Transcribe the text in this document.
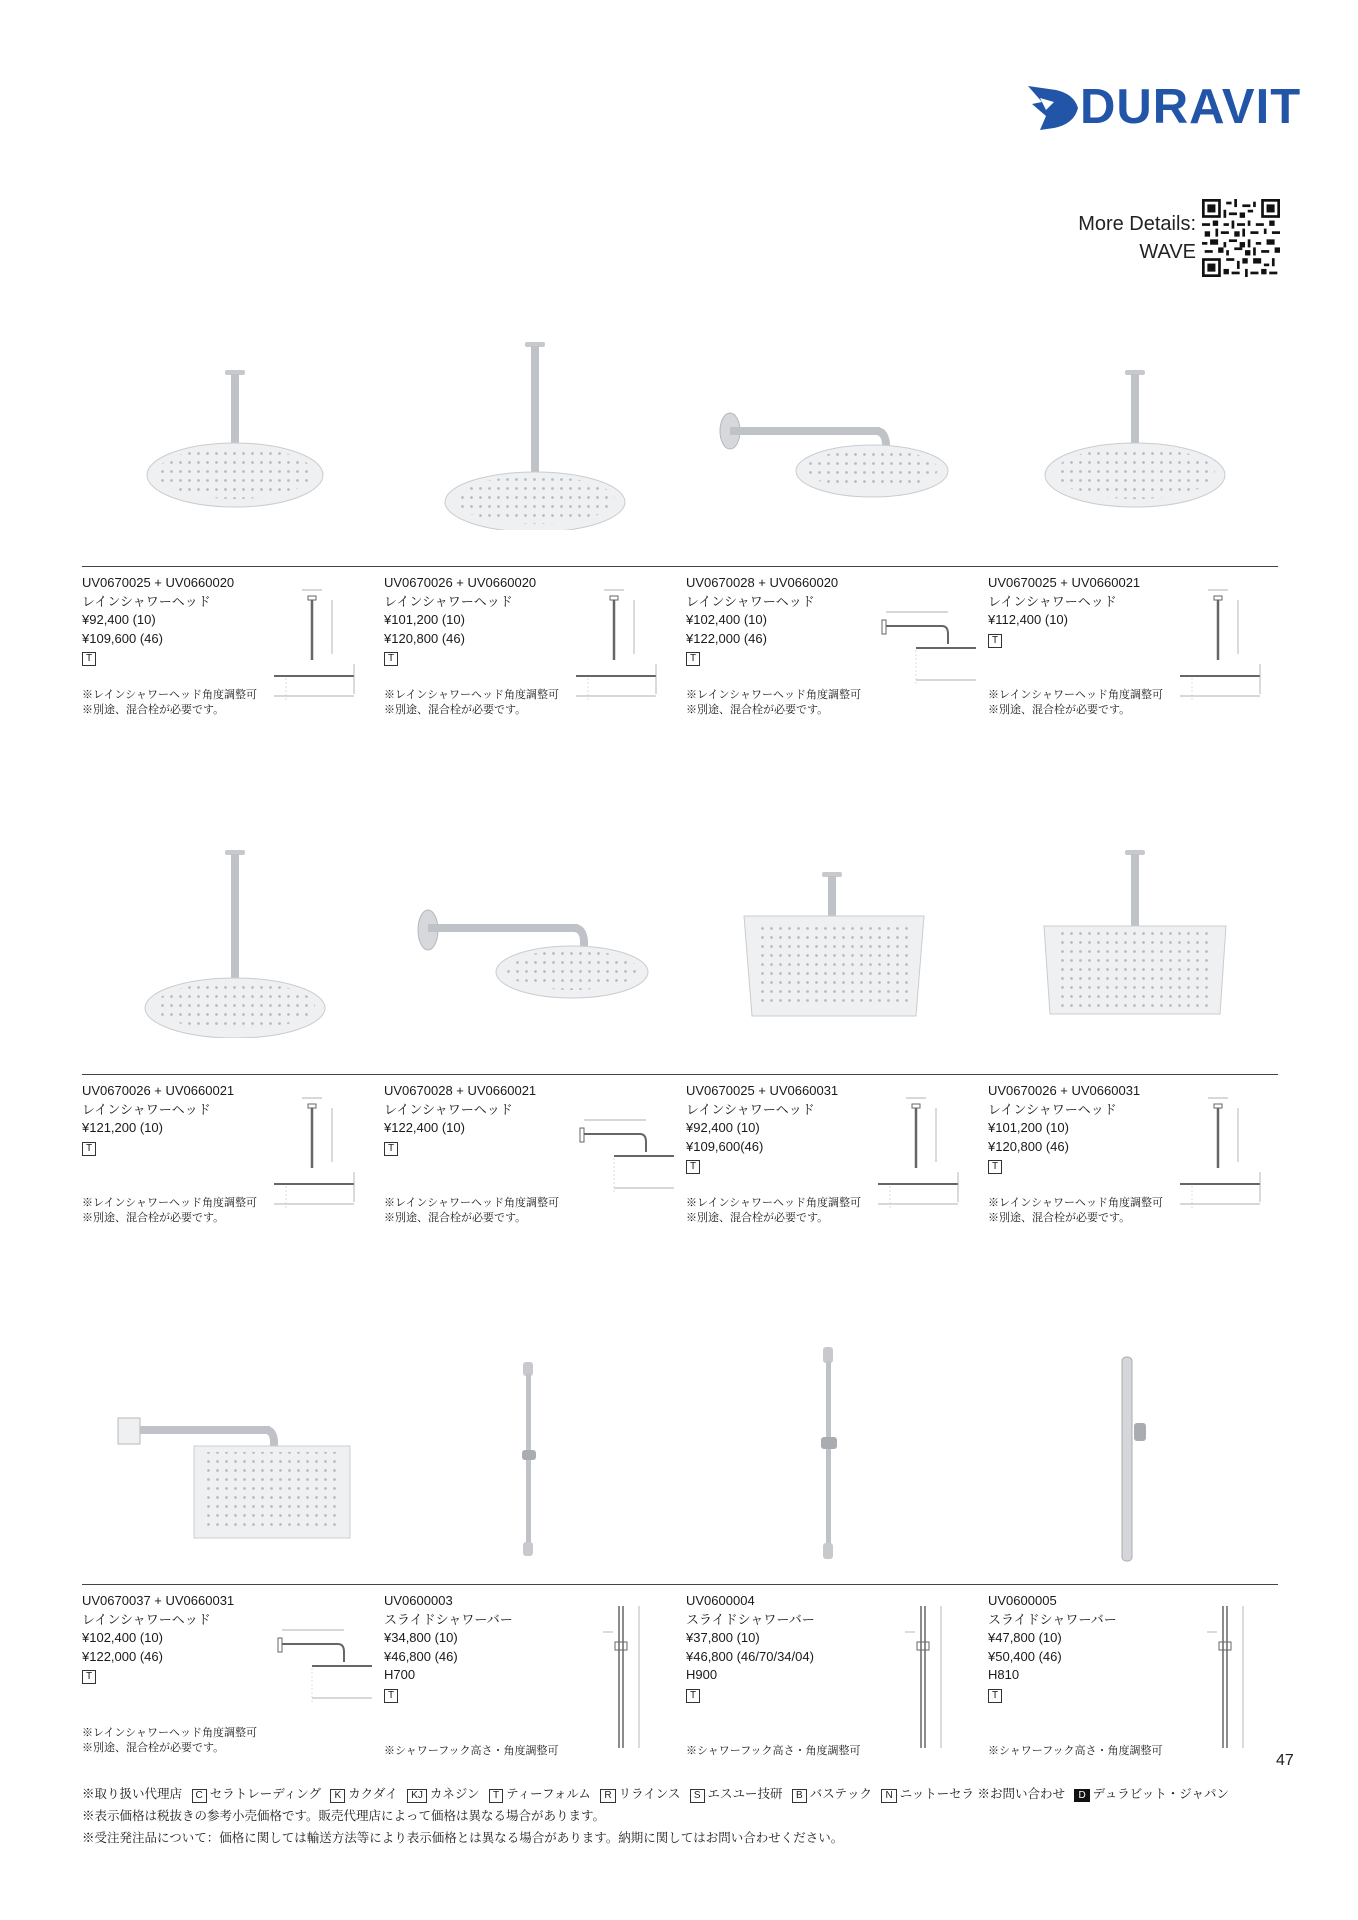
DURAVIT
More Details:
WAVE
UV0670025 + UV0660020
レインシャワーヘッド
¥92,400 (10)
¥109,600 (46)
T
※レインシャワーヘッド角度調整可
※別途、混合栓が必要です。
UV0670026 + UV0660020
レインシャワーヘッド
¥101,200 (10)
¥120,800 (46)
T
※レインシャワーヘッド角度調整可
※別途、混合栓が必要です。
UV0670028 + UV0660020
レインシャワーヘッド
¥102,400 (10)
¥122,000 (46)
T
※レインシャワーヘッド角度調整可
※別途、混合栓が必要です。
UV0670025 + UV0660021
レインシャワーヘッド
¥112,400 (10)
T
※レインシャワーヘッド角度調整可
※別途、混合栓が必要です。
UV0670026 + UV0660021
レインシャワーヘッド
¥121,200 (10)
T
※レインシャワーヘッド角度調整可
※別途、混合栓が必要です。
UV0670028 + UV0660021
レインシャワーヘッド
¥122,400 (10)
T
※レインシャワーヘッド角度調整可
※別途、混合栓が必要です。
UV0670025 + UV0660031
レインシャワーヘッド
¥92,400 (10)
¥109,600(46)
T
※レインシャワーヘッド角度調整可
※別途、混合栓が必要です。
UV0670026 + UV0660031
レインシャワーヘッド
¥101,200 (10)
¥120,800 (46)
T
※レインシャワーヘッド角度調整可
※別途、混合栓が必要です。
UV0670037 + UV0660031
レインシャワーヘッド
¥102,400 (10)
¥122,000 (46)
T
※レインシャワーヘッド角度調整可
※別途、混合栓が必要です。
UV0600003
スライドシャワーバー
¥34,800 (10)
¥46,800 (46)
H700
T
※シャワーフック高さ・角度調整可
UV0600004
スライドシャワーバー
¥37,800 (10)
¥46,800 (46/70/34/04)
H900
T
※シャワーフック高さ・角度調整可
UV0600005
スライドシャワーバー
¥47,800 (10)
¥50,400 (46)
H810
T
※シャワーフック高さ・角度調整可
※取り扱い代理店 C セラトレーディング K カクダイ KJ カネジン T ティーフォルム R リラインス S エスユー技研 B バステック N ニットーセラ ※お問い合わせ D デュラビット・ジャパン
※表示価格は税抜きの参考小売価格です。販売代理店によって価格は異なる場合があります。
※受注発注品について：価格に関しては輸送方法等により表示価格とは異なる場合があります。納期に関してはお問い合わせください。
47
